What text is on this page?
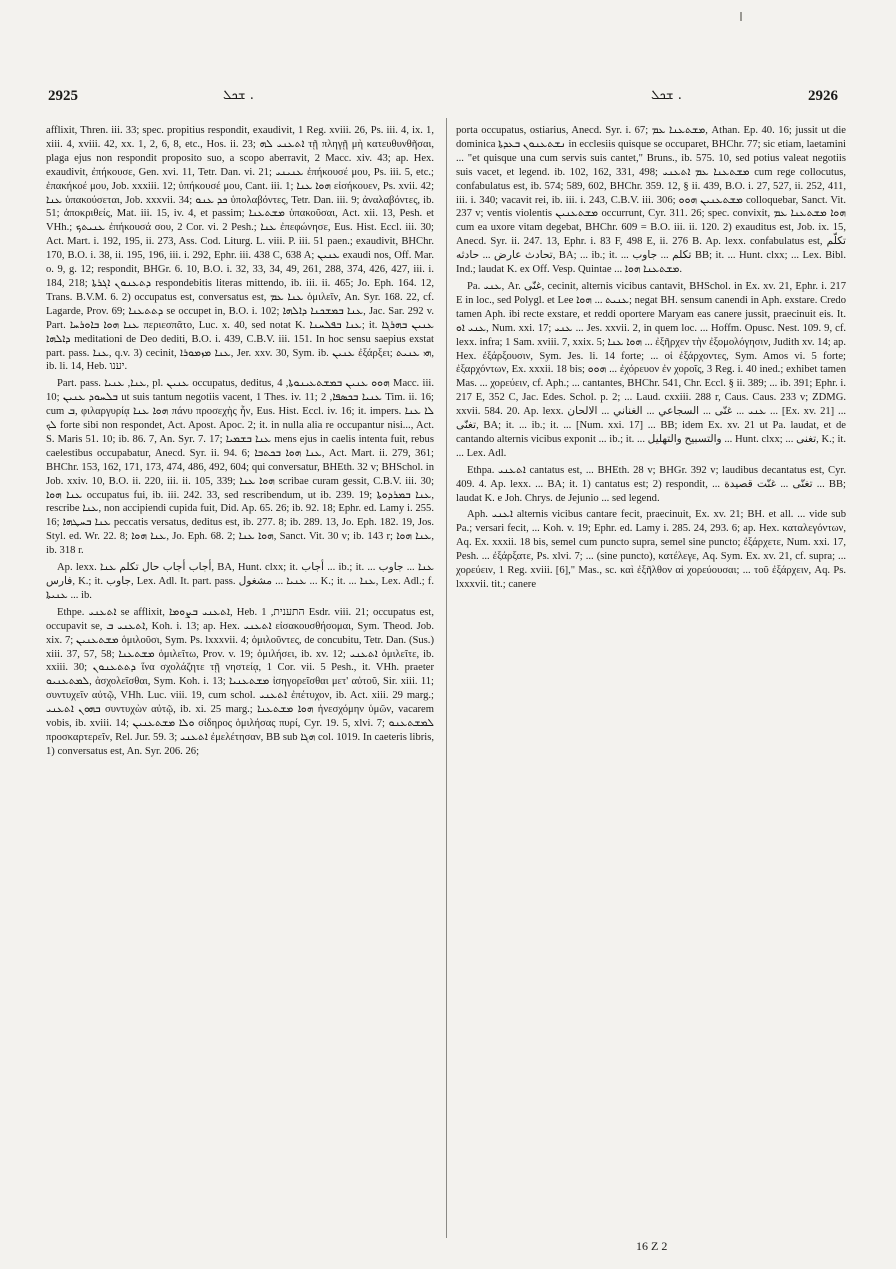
2925	ܫܟܠ .	ܫܟܠ .	2926

afflixit, Thren. iii. 33; spec. propitius respondit, exaudivit, 1 Reg. xviii. 26, Ps. iii. 4, ix. 1, xiii. 4, xviii. 42, xx. 1, 2, 6, 8, etc., Hos. ii. 23; ܐܬܥܢܝ ܠܗ τῇ πληγῇ μὴ κατευθυνθῆσαι, plaga ejus non respondit proposito suo, a scopo aberravit, 2 Macc. xiv. 43; ap. Hex. exaudivit, ἐπήκουσε, Gen. xvi. 11, Tetr. Dan. vi. 21; ܥܢܝܢܝ ἐπήκουσέ μου, Ps. iii. 5, etc.; ἐπακήκοέ μου, Job. xxxiii. 12; ὑπήκουσέ μου, Cant. iii. 1; ܗܘܐ ܥܢܐ εἰσήκουεν, Ps. xvii. 42; ܥܢܐ ὑπακούσεται, Job. xxxvii. 34; ܟܕ ܥܢܘ ὑπολαβόντες, Tetr. Dan. iii. 9; ἀναλαβόντες, ib. 51; ἀποκριθείς, Mat. iii. 15, iv. 4, et passim; ܡܫܬܥܢܐ ὑπακοῦσαι, Act. xii. 13, Pesh. et VHh.; ܥܢܝܬܟ ἐπήκουσά σου, 2 Cor. vi. 2 Pesh.; ܥܢܐ ἐπεφώνησε, Eus. Hist. Eccl. iii. 30; Act. Mart. i. 192, 195, ii. 273, Ass. Cod. Liturg. L. viii. P. iii. 51 paen.; exaudivit, BHChr. 170, B.O. i. 38, ii. 195, 196, iii. i. 292, Ephr. iii. 438 C, 638 A; ܥܢܝܢ exaudi nos, Off. Mar. o. 9, g. 12; respondit, BHGr. 6. 10, B.O. i. 32, 33, 34, 49, 261, 288, 374, 426, 427, iii. i. 184, 218; ܕܬܥܢܘܢ ܐܓܪܬܐ respondebitis literas mittendo, ib. iii. ii. 465; Jo. Eph. 164. 12, Trans. B.V.M. 6. 2) occupatus est, conversatus est, ܥܢܐ ܥܡ ὁμιλεῖν, An. Syr. 168. 22, cf. Lagarde, Prov. 69; ܕܬܬܥܢܐ se occupet in, B.O. i. 102; ܥܢܐ ܒܡܫܟܢܐ ܕܐܠܗܐ, Jac. Sar. 292 v. Part. ܥܢܐ ܗܘܐ ܒܐܘܪܚܐ περιεσπᾶτο, Luc. x. 40, sed notat K. ܥܢܐ ܒܦܠܚܢܐ; it. ܥܢܝܢ ܒܗܪܓܐ ܕܐܠܗܐ meditationi de Deo dediti, B.O. i. 439, C.B.V. iii. 151. In hoc sensu saepius exstat part. pass. ܥܢܐ, q.v. 3) cecinit, ܥܢܐ ܡܙܡܘܪܐ, Jer. xxv. 30, Sym. ib. ܥܢܝܢ ἐξάρξει; ܗܝ ܥܢܝܬ, ib. li. 14, Heb. יענו.

Part. pass. ܥܢܐ, ܥܢܝܐ, pl. ܥܢܝܢ occupatus, deditus, ܗܘܘ ܥܢܝܢ ܒܡܫܬܥܝܢܘܬܐ, 4 Macc. iii. 10; ܒܠܚܘܕ ܥܢܝܢ ut suis tantum negotiis vacent, 1 Thes. iv. 11; ܥܢܝܐ ܒܟܣܦܐ, 2 Tim. ii. 16; cum ܒ, φιλαργυρίᾳ ܗܘܐ ܥܢܐ πάνυ προσεχὴς ἦν, Eus. Hist. Eccl. iv. 16; it. impers. ܠܐ ܥܢܐ ܠܟ forte sibi non respondet, Act. Apost. Apoc. 2; it. in nulla alia re occupantur nisi..., Act. S. Maris 51. 10; ib. 86. 7, An. Syr. 7. 17; ܥܢܐ ܒܫܡܝܐ mens ejus in caelis intenta fuit, rebus caelestibus occupabatur, Anecd. Syr. ii. 94. 6; ܥܢܐ ܗܘܐ ܒܟܬܒܐ, Act. Mart. ii. 279, 361; BHChr. 153, 162, 171, 173, 474, 486, 492, 604; qui conversatur, BHEth. 32 v; BHSchol. in Job. xxiv. 10, B.O. ii. 220, iii. ii. 105, 339; ܗܘܐ ܥܢܐ scribae curam gessit, C.B.V. iii. 30; ܥܢܐ ܗܘܐ occupatus fui, ib. iii. 242. 33, sed rescribendum, ut ib. 239. 19; ܥܢܐ ܒܡܪܕܘܬܐ, rescribe ܥܢܐ, non accipiendi cupida fuit, Did. Ap. 65. 26; ib. 92. 18; Ephr. ed. Lamy i. 255. 16; ܥܢܐ ܒܚܛܗܐ peccatis versatus, deditus est, ib. 277. 8; ib. 289. 13, Jo. Eph. 182. 19, Jos. Styl. ed. Wr. 22. 8; ܥܢܐ ܗܘܐ, Jo. Eph. 68. 2; ܗܘܐ ܥܢܐ, Sanct. Vit. 30 v; ib. 143 r; ܥܢܐ ܗܘܐ, ib. 318 r.

Ap. lexx. أجاب أجاب حال تكلم ܥܢܐ, BA, Hunt. clxx; it. أجاب ... ib.; it. ܥܢܐ ... جاوب ... فارس, K.; it. جاوب, Lex. Adl. It. part. pass. ܥܢܝܐ ... مشغول ... K.; it. ... ܥܢܐ, Lex. Adl.; f. ܥܢܝܬܐ ... ib.

Ethpe. ܐܬܥܢܝ se afflixit, ܐܬܥܢܝ ܒܨܘܡܐ, Heb. התענית, 1 Esdr. viii. 21; occupatus est, occupavit se, ܐܬܥܢܝ ܒ, Koh. i. 13; ap. Hex. ܐܬܥܢܝ εἰσακουσθήσομαι, Sym. Theod. Job. xix. 7; ܡܫܬܥܢܝܢ ὁμιλοῦσι, Sym. Ps. lxxxvii. 4; ὁμιλοῦντες, de concubitu, Tetr. Dan. (Sus.) xiii. 37, 57, 58; ܡܫܬܥܢܐ ὁμιλεῖτω, Prov. v. 19; ὁμιλήσει, ib. xv. 12; ܐܬܥܢܝ ὁμιλεῖτε, ib. xxiii. 30; ܕܬܬܥܢܘܢ ἵνα σχολάζητε τῇ νηστείᾳ, 1 Cor. vii. 5 Pesh., it. VHh. praeter ܠܡܬܥܢܝܘ, ἀσχολεῖσθαι, Sym. Koh. i. 13; ܡܫܬܥܢܝܐ ἰσηγορεῖσθαι μετ' αὐτοῦ, Sir. xiii. 11; συντυχεῖν αὐτῷ, VHh. Luc. viii. 19, cum schol. ܐܬܥܢܝ ἐπέτυχον, ib. Act. xiii. 29 marg.; ܒܗܘܢ ܐܬܥܢܝ συντυχὼν αὐτῷ, ib. xi. 25 marg.; ܗܘܐ ܡܫܬܥܢܐ ἠνεσχόμην ὑμῶν, vacarem vobis, ib. xviii. 14; ܘܠܐ ܡܫܬܥܢܝܢ σίδηρος ὁμιλήσας πυρί, Cyr. 19. 5, xlvi. 7; ܠܡܫܬܥܢܘ προσκαρτερεῖν, Rel. Jur. 59. 3; ܐܬܥܢܝ ἐμελέτησαν, BB sub ܗܓܐ col. 1019. In caeteris libris, 1) conversatus est, An. Syr. 206. 26;

porta occupatus, ostiarius, Anecd. Syr. i. 67; ܡܫܬܥܢܐ ܥܡ, Athan. Ep. 40. 16; jussit ut die dominica ܢܫܬܥܢܘܢ ܒܥܕܬܐ in ecclesiis quisque se occuparet, BHChr. 77; sic etiam, laetamini ... "et quisque una cum servis suis cantet," Bruns., ib. 575. 10, sed potius valeat negotiis suis vacet, et legend. ib. 102, 162, 331, 498; ܡܫܬܥܢܐ ܥܡ ܐܬܥܢܝ cum rege collocutus, confabulatus est, ib. 574; 589, 602, BHChr. 359. 12, § ii. 439, B.O. i. 27, 527, ii. 252, 411, iii. i. 340; vacavit rei, ib. iii. i. 243, C.B.V. iii. 306; ܡܫܬܥܢܝܢ ܗܘܘ colloquebar, Sanct. Vit. 237 v; ventis violentis ܡܫܬܥܢܝܢ occurrunt, Cyr. 311. 26; spec. convixit, ܗܘܐ ܡܫܬܥܢܐ ܥܡ cum ea uxore vitam degebat, BHChr. 609 = B.O. iii. ii. 120. 2) exauditus est, Job. ix. 15, Anecd. Syr. ii. 247. 13, Ephr. i. 83 F, 498 E, ii. 276 B. Ap. lexx. confabulatus est, تكلّم تحادث عارض ... حادثه, BA; ... ib.; it. ... تكلم ... جاوب BB; it. ... Hunt. clxx; ... Lex. Bibl. Ind.; laudat K. ex Off. Vesp. Quintae ... ܡܫܬܥܢܐ ܗܘܐ.

Pa. ܥܢܝ, Ar. غنّى, cecinit, alternis vicibus cantavit, BHSchol. in Ex. xv. 21, Ephr. i. 217 E in loc., sed Polygl. et Lee ܥܢܝܬ ... ܗܘܐ; negat BH. sensum canendi in Aph. exstare. Credo tamen Aph. ibi recte exstare, et reddi oportere Maryam eas canere jussit, praecinuit eis. It. ܥܢܝ ܐܘ, Num. xxi. 17; ܥܢܝ ... Jes. xxvii. 2, in quem loc. ... Hoffm. Opusc. Nest. 109. 9, cf. lexx. infra; 1 Sam. xviii. 7, xxix. 5; ܗܘܐ ܥܢܐ ... ἐξῆρχεν τὴν ἐξομολόγησιν, Judith xv. 14; ap. Hex. ἐξάρξουσιν, Sym. Jes. li. 14 forte; ... οἱ ἐξάρχοντες, Sym. Amos vi. 5 forte; ἐξαρχόντων, Ex. xxxii. 18 bis; ܗܘܘ ... ἐχόρευον ἐν χοροῖς, 3 Reg. i. 40 ined.; exhibet tamen Mas. ... χορεύειν, cf. Aph.; ... cantantes, BHChr. 541, Chr. Eccl. § ii. 389; ... ib. 391; Ephr. i. 217 E, 352 C, Jac. Edes. Schol. p. 2; ... Laud. cxxiii. 288 r, Caus. Caus. 233 v; ZDMG. xxvii. 584. 20. Ap. lexx. ܥܢܝ ... غنّى ... السجاعي ... الغناني ... الالحان ... [Ex. xv. 21] ... تغنّى, BA; it. ... ib.; it. ... [Num. xxi. 17] ... BB; idem Ex. xv. 21 ut Pa. laudat, et de cantando alternis vicibus exponit ... ib.; it. ... والتسبيح والتهليل ... Hunt. clxx; ... تغنى, K.; it. ... Lex. Adl.

Ethpa. ܐܬܥܢܝ cantatus est, ... BHEth. 28 v; BHGr. 392 v; laudibus decantatus est, Cyr. 409. 4. Ap. lexx. ... BA; it. 1) cantatus est; 2) respondit, ... تغنّى ... غنّت قصيدة ... BB; laudat K. e Joh. Chrys. de Jejunio ... sed legend.

Aph. ܐܥܢܝ alternis vicibus cantare fecit, praecinuit, Ex. xv. 21; BH. et all. ... vide sub Pa.; versari fecit, ... Koh. v. 19; Ephr. ed. Lamy i. 285. 24, 293. 6; ap. Hex. καταλεγόντων, Aq. Ex. xxxii. 18 bis, semel cum puncto supra, semel sine puncto; ἐξάρχετε, Num. xxi. 17, Pesh. ... ἐξάρξατε, Ps. xlvi. 7; ... (sine puncto), κατέλεγε, Aq. Sym. Ex. xv. 21, cf. supra; ... χορεύειν, 1 Reg. xviii. [6]," Mas., sc. καὶ ἐξῆλθον αἱ χορεύουσαι; ... τοῦ ἐξάρχειν, Aq. Ps. lxxxvii. tit.; canere

16 Z 2
